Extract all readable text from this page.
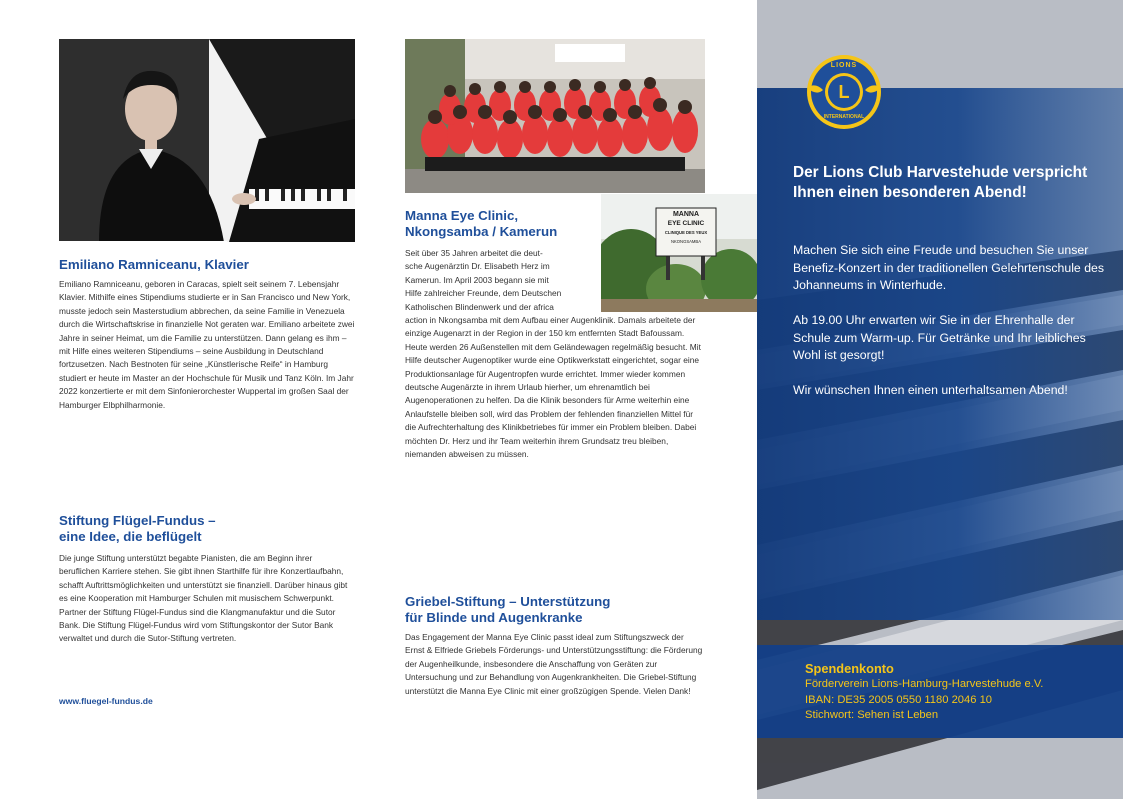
Emiliano Ramniceanu, Klavier

Emiliano Ramniceanu, geboren in Caracas, spielt seit seinem 7. Lebensjahr Klavier. Mithilfe eines Stipendiums studierte er in San Francisco und New York, musste jedoch sein Masterstudium abbrechen, da seine Familie in Venezuela durch die Wirtschaftskrise in finanzielle Not geraten war. Emiliano arbeitete zwei Jahre in seiner Heimat, um die Familie zu unterstützen. Dann gelang es ihm – mit Hilfe eines weiteren Stipendiums – seine Ausbildung in Deutschland fortzusetzen. Nach Bestnoten für seine „Künstlerische Reife“ in Hamburg studiert er heute im Master an der Hochschule für Musik und Tanz Köln. Im Jahr 2022 konzertierte er mit dem Sinfonierorchester Wuppertal im großen Saal der Hamburger Elbphilharmonie.

Stiftung Flügel-Fundus –
eine Idee, die beflügelt

Die junge Stiftung unterstützt begabte Pianisten, die am Beginn ihrer beruflichen Karriere stehen. Sie gibt ihnen Starthilfe für ihre Konzertlaufbahn, schafft Auftrittsmöglichkeiten und unterstützt sie finanziell. Darüber hinaus gibt es eine Kooperation mit Hamburger Schulen mit musischem Schwerpunkt. Partner der Stiftung Flügel-Fundus sind die Klangmanufaktur und die Sutor Bank. Die Stiftung Flügel-Fundus wird vom Stiftungskontor der Sutor Bank verwaltet und durch die Sutor-Stiftung vertreten.

www.fluegel-fundus.de
MANNA
EYE CLINIC
CLINIQUE DES YEUX
NKONGSAMBA
Manna Eye Clinic,
Nkongsamba / Kamerun

Seit über 35 Jahren arbeitet die deut-

sche Augenärztin Dr. Elisabeth Herz im

Kamerun. Im April 2003 begann sie mit

Hilfe zahlreicher Freunde, dem Deutschen

Katholischen Blindenwerk und der africa

action in Nkongsamba mit dem Aufbau einer Augenklinik. Damals arbeitete der einzige Augenarzt in der Region in der 150 km entfernten Stadt Bafoussam. Heute werden 26 Außenstellen mit dem Geländewagen regelmäßig besucht. Mit Hilfe deutscher Augenoptiker wurde eine Optikwerkstatt eingerichtet, sogar eine Produktionsanlage für Augentropfen wurde errichtet. Immer wieder kommen deutsche Augenärzte in ihrem Urlaub hierher, um ehrenamtlich bei Augenoperationen zu helfen. Da die Klinik besonders für Arme weiterhin eine Anlaufstelle bleiben soll, wird das Problem der fehlenden finanziellen Mittel für die Aufrechterhaltung des Klinikbetriebes für immer ein Problem bleiben. Dabei möchten Dr. Herz und ihr Team weiterhin ihrem Grundsatz treu bleiben, niemanden abweisen zu müssen.

Griebel-Stiftung – Unterstützung
für Blinde und Augenkranke

Das Engagement der Manna Eye Clinic passt ideal zum Stiftungszweck der Ernst & Elfriede Griebels Förderungs- und Unterstützungsstiftung: die Förderung der Augenheilkunde, insbesondere die Anschaffung von Geräten zur Untersuchung und zur Behandlung von Augenkrankheiten. Die Griebel-Stiftung unterstützt die Manna Eye Clinic mit einer großzügigen Spende. Vielen Dank!

LIONS
L
INTERNATIONAL
Der Lions Club Harvestehude verspricht Ihnen einen besonderen Abend!

Machen Sie sich eine Freude und besuchen Sie unser Benefiz-Konzert in der traditionellen Gelehrtenschule des Johanneums in Winterhude.

Ab 19.00 Uhr erwarten wir Sie in der Ehrenhalle der Schule zum Warm-up. Für Getränke und Ihr leibliches Wohl ist gesorgt!

Wir wünschen Ihnen einen unterhaltsamen Abend!

Spendenkonto
Förderverein Lions-Hamburg-Harvestehude e.V.
IBAN: DE35 2005 0550 1180 2046 10
Stichwort: Sehen ist Leben
